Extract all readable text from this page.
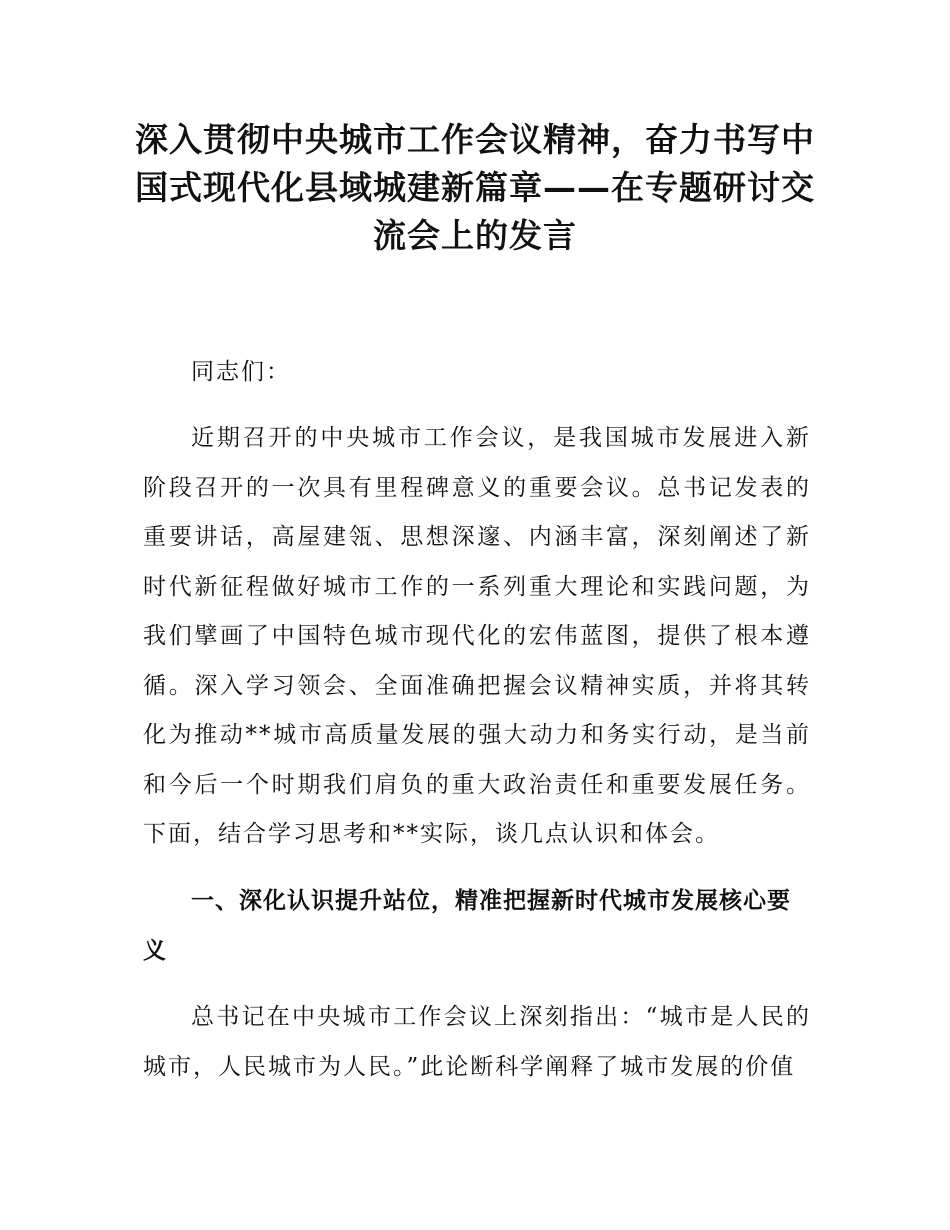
深入贯彻中央城市工作会议精神，奋力书写中国式现代化县域城建新篇章——在专题研讨交流会上的发言

同志们：

近期召开的中央城市工作会议，是我国城市发展进入新阶段召开的一次具有里程碑意义的重要会议。总书记发表的重要讲话，高屋建瓴、思想深邃、内涵丰富，深刻阐述了新时代新征程做好城市工作的一系列重大理论和实践问题，为我们擘画了中国特色城市现代化的宏伟蓝图，提供了根本遵循。深入学习领会、全面准确把握会议精神实质，并将其转化为推动**城市高质量发展的强大动力和务实行动，是当前和今后一个时期我们肩负的重大政治责任和重要发展任务。下面，结合学习思考和**实际，谈几点认识和体会。

一、深化认识提升站位，精准把握新时代城市发展核心要义

总书记在中央城市工作会议上深刻指出：“城市是人民的城市，人民城市为人民。”此论断科学阐释了城市发展的价值
